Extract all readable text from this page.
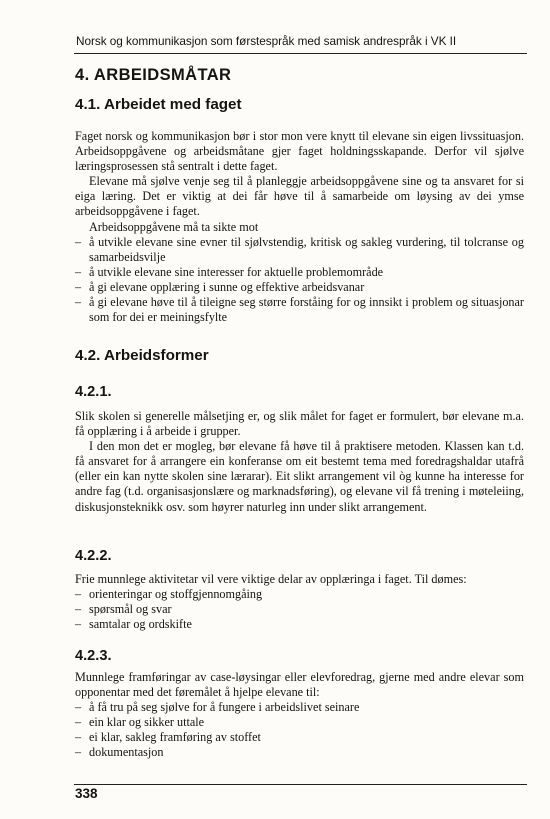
Norsk og kommunikasjon som førstespråk med samisk andrespråk i VK II
4. ARBEIDSMÅTAR
4.1. Arbeidet med faget

Faget norsk og kommunikasjon bør i stor mon vere knytt til elevane sin eigen livssituasjon. Arbeidsoppgåvene og arbeidsmåtane gjer faget holdningsskapande. Derfor vil sjølve læringsprosessen stå sentralt i dette faget.

Elevane må sjølve venje seg til å planleggje arbeidsoppgåvene sine og ta ansvaret for si eiga læring. Det er viktig at dei får høve til å samarbeide om løysing av dei ymse arbeidsoppgåvene i faget.

Arbeidsoppgåvene må ta sikte mot

– å utvikle elevane sine evner til sjølvstendig, kritisk og sakleg vurdering, til tolcranse og samarbeidsvilje
– å utvikle elevane sine interesser for aktuelle problemområde
– å gi elevane opplæring i sunne og effektive arbeidsvanar
– å gi elevane høve til å tileigne seg større forståing for og innsikt i problem og situasjonar som for dei er meiningsfylte
4.2. Arbeidsformer
4.2.1.

Slik skolen si generelle målsetjing er, og slik målet for faget er formulert, bør elevane m.a. få opplæring i å arbeide i grupper.

I den mon det er mogleg, bør elevane få høve til å praktisere metoden. Klassen kan t.d. få ansvaret for å arrangere ein konferanse om eit bestemt tema med foredragshaldar utafrå (eller ein kan nytte skolen sine lærarar). Eit slikt arrangement vil òg kunne ha interesse for andre fag (t.d. organisasjonslære og marknadsføring), og elevane vil få trening i møteleiing, diskusjonsteknikk osv. som høyrer naturleg inn under slikt arrangement.

4.2.2.

Frie munnlege aktivitetar vil vere viktige delar av opplæringa i faget. Til dømes:

– orienteringar og stoffgjennomgåing
– spørsmål og svar
– samtalar og ordskifte
4.2.3.

Munnlege framføringar av case-løysingar eller elevforedrag, gjerne med andre elevar som opponentar med det føremålet å hjelpe elevane til:

– å få tru på seg sjølve for å fungere i arbeidslivet seinare
– ein klar og sikker uttale
– ei klar, sakleg framføring av stoffet
– dokumentasjon
338
